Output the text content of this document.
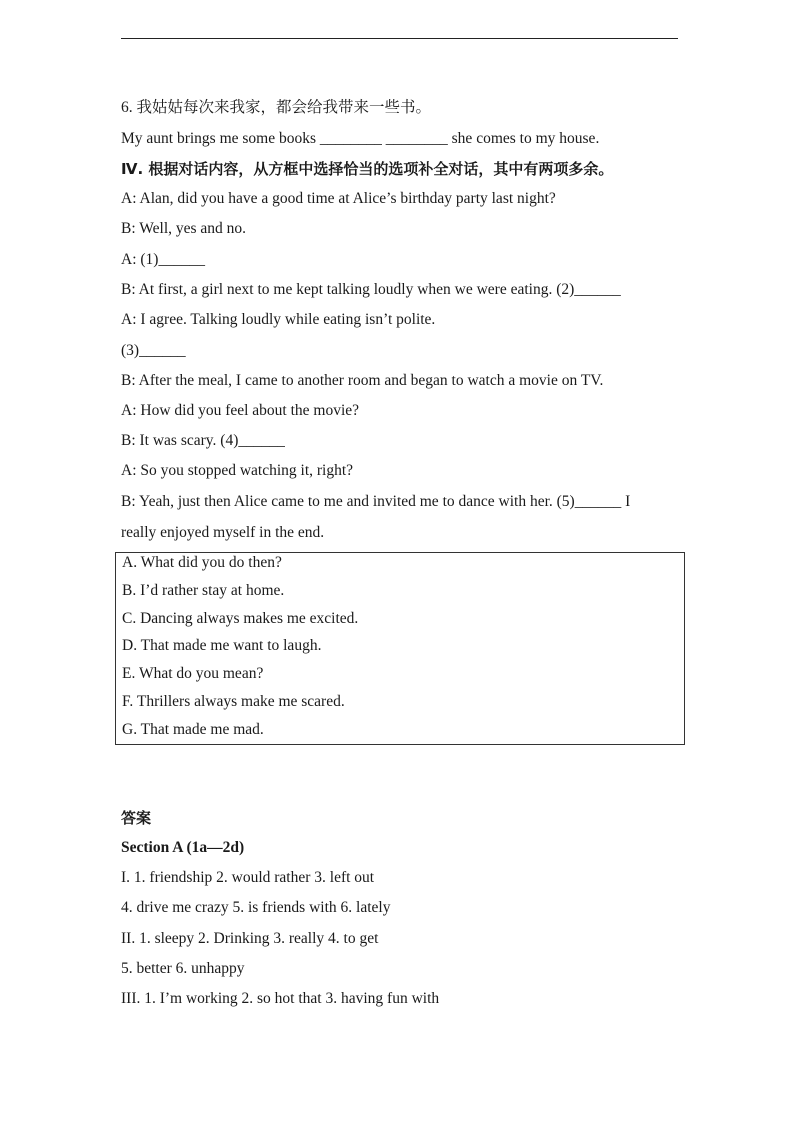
6. 我姑姑每次来我家，都会给我带来一些书。
My aunt brings me some books ________ ________ she comes to my house.
Ⅳ. 根据对话内容，从方框中选择恰当的选项补全对话，其中有两项多余。
A: Alan, did you have a good time at Alice’s birthday party last night?
B: Well, yes and no.
A: (1)______
B: At first, a girl next to me kept talking loudly when we were eating. (2)______
A: I agree. Talking loudly while eating isn’t polite.
(3)______
B: After the meal, I came to another room and began to watch a movie on TV.
A: How did you feel about the movie?
B: It was scary. (4)______
A: So you stopped watching it, right?
B: Yeah, just then Alice came to me and invited me to dance with her. (5)______ I
really enjoyed myself in the end.
A. What did you do then?
B. I’d rather stay at home.
C. Dancing always makes me excited.
D. That made me want to laugh.
E. What do you mean?
F. Thrillers always make me scared.
G. That made me mad.
答案
Section A (1a—2d)
I. 1. friendship 2. would rather 3. left out
4. drive me crazy 5. is friends with 6. lately
II. 1. sleepy 2. Drinking 3. really 4. to get
5. better 6. unhappy
III. 1. I’m working 2. so hot that 3. having fun with
